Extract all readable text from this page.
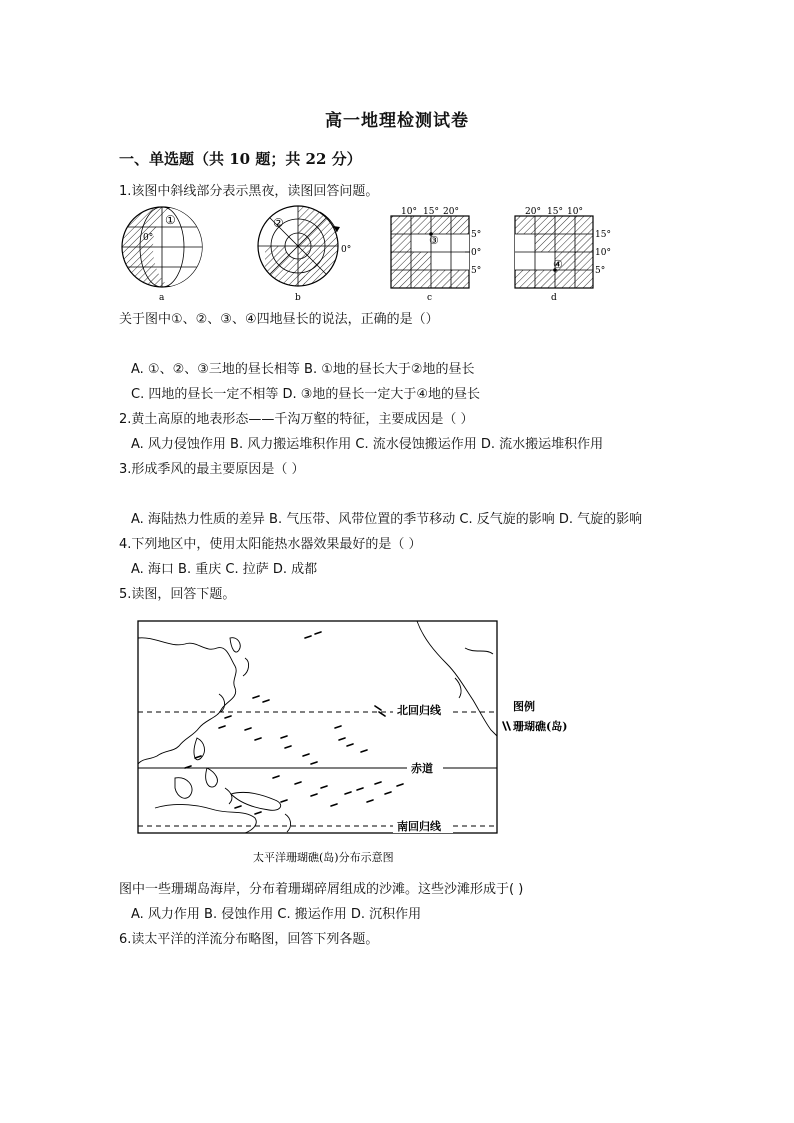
高一地理检测试卷
一、单选题（共 10 题；共 22 分）
1.该图中斜线部分表示黑夜，读图回答问题。
①
0°
a
②
0°
b
10° 15° 20°
5°
0°
5°
③
c
20° 15° 10°
15°
10°
5°
④
d
关于图中①、②、③、④四地昼长的说法，正确的是（）
A. ①、②、③三地的昼长相等 B. ①地的昼长大于②地的昼长
C. 四地的昼长一定不相等 D. ③地的昼长一定大于④地的昼长
2.黄土高原的地表形态——千沟万壑的特征，主要成因是（ ）
A. 风力侵蚀作用 B. 风力搬运堆积作用 C. 流水侵蚀搬运作用 D. 流水搬运堆积作用
3.形成季风的最主要原因是（ ）
A. 海陆热力性质的差异 B. 气压带、风带位置的季节移动 C. 反气旋的影响 D. 气旋的影响
4.下列地区中，使用太阳能热水器效果最好的是（ ）
A. 海口 B. 重庆 C. 拉萨 D. 成都
5.读图，回答下题。
北回归线
赤道
南回归线
图例
珊瑚礁(岛)
太平洋珊瑚礁(岛)分布示意图
图中一些珊瑚岛海岸，分布着珊瑚碎屑组成的沙滩。这些沙滩形成于( )
A. 风力作用 B. 侵蚀作用 C. 搬运作用 D. 沉积作用
6.读太平洋的洋流分布略图，回答下列各题。
